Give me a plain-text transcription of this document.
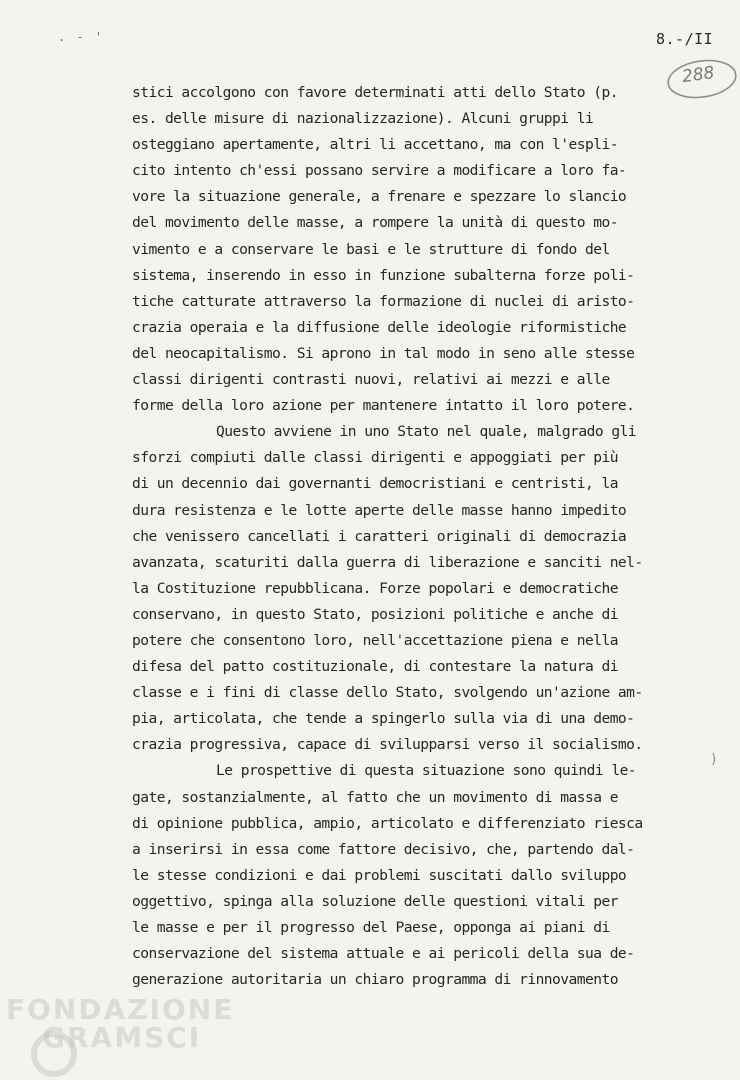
. - '	8.-/II
288
stici accolgono con favore determinati atti dello Stato (p.
es. delle misure di nazionalizzazione). Alcuni gruppi li
osteggiano apertamente, altri li accettano, ma con l'espli-
cito intento ch'essi possano servire a modificare a loro fa-
vore la situazione generale, a frenare e spezzare lo slancio
del movimento delle masse, a rompere la unità di questo mo-
vimento e a conservare le basi e le strutture di fondo del
sistema, inserendo in esso in funzione subalterna forze poli-
tiche catturate attraverso la formazione di nuclei di aristo-
crazia operaia e la diffusione delle ideologie riformistiche
del neocapitalismo. Si aprono in tal modo in seno alle stesse
classi dirigenti contrasti nuovi, relativi ai mezzi e alle
forme della loro azione per mantenere intatto il loro potere.
Questo avviene in uno Stato nel quale, malgrado gli
sforzi compiuti dalle classi dirigenti e appoggiati per più
di un decennio dai governanti democristiani e centristi, la
dura resistenza e le lotte aperte delle masse hanno impedito
che venissero cancellati i caratteri originali di democrazia
avanzata, scaturiti dalla guerra di liberazione e sanciti nel-
la Costituzione repubblicana. Forze popolari e democratiche
conservano, in questo Stato, posizioni politiche e anche di
potere che consentono loro, nell'accettazione piena e nella
difesa del patto costituzionale, di contestare la natura di
classe e i fini di classe dello Stato, svolgendo un'azione am-
pia, articolata, che tende a spingerlo sulla via di una demo-
crazia progressiva, capace di svilupparsi verso il socialismo.
Le prospettive di questa situazione sono quindi le-
gate, sostanzialmente, al fatto che un movimento di massa e
di opinione pubblica, ampio, articolato e differenziato riesca
a inserirsi in essa come fattore decisivo, che, partendo dal-
le stesse condizioni e dai problemi suscitati dallo sviluppo
oggettivo, spinga alla soluzione delle questioni vitali per
le masse e per il progresso del Paese, opponga ai piani di
conservazione del sistema attuale e ai pericoli della sua de-
generazione autoritaria un chiaro programma di rinnovamento
)
FONDAZIONE
GRAMSCI
